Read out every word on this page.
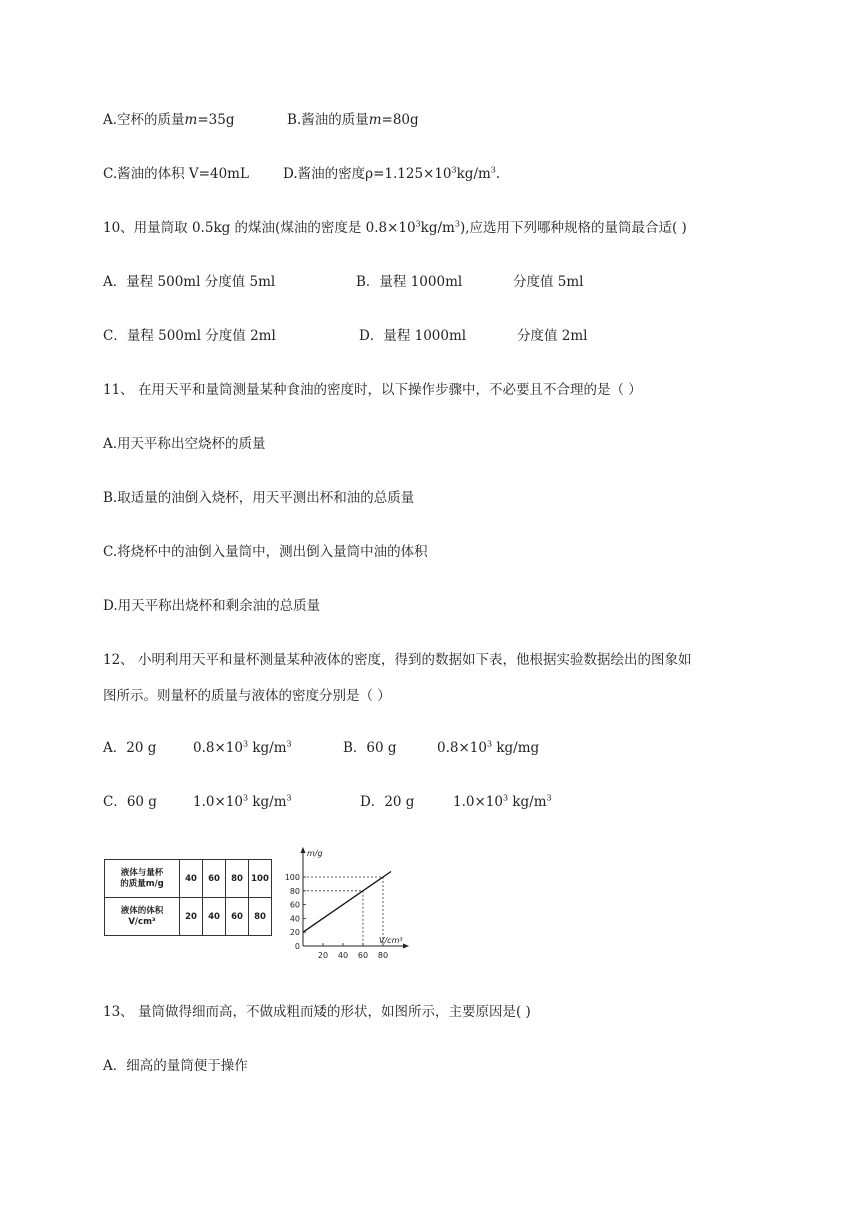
A.空杯的质量m=35g	B.酱油的质量m=80g
C.酱油的体积 V=40mL	D.酱油的密度$\rho=1.125\times 10^3kg/m^3$.
10、用量筒取 0.5kg 的煤油(煤油的密度是 $0.8\times 10^3kg/m^3$),应选用下列哪种规格的量筒最合适( )
A．量程 500ml 分度值 5ml	B．量程 1000ml	分度值 5ml
C．量程 500ml 分度值 2ml	D．量程 1000ml	分度值 2ml
11、 在用天平和量筒测量某种食油的密度时，以下操作步骤中，不必要且不合理的是（ ）
A.用天平称出空烧杯的质量
B.取适量的油倒入烧杯，用天平测出杯和油的总质量
C.将烧杯中的油倒入量筒中，测出倒入量筒中油的体积
D.用天平称出烧杯和剩余油的总质量
12、 小明利用天平和量杯测量某种液体的密度，得到的数据如下表，他根据实验数据绘出的图象如
图所示。则量杯的质量与液体的密度分别是（ ）
A．20 g	$0.8\times 10^3$ $kg/m^3$	B．60 g	$0.8\times 10^3$ kg/mg
C．60 g	$1.0\times 10^3$ $kg/m^3$	D．20 g	$1.0\times 10^3$ $kg/m^3$
液体与量杯
的质量m/g	40	60	80	100
液体的体积
V/cm³	20	40	60	80
m/g
V/cm³
0
20
40
60
80
100
20 40 60 80
13、 量筒做得细而高，不做成粗而矮的形状，如图所示，主要原因是( )
A．细高的量筒便于操作
